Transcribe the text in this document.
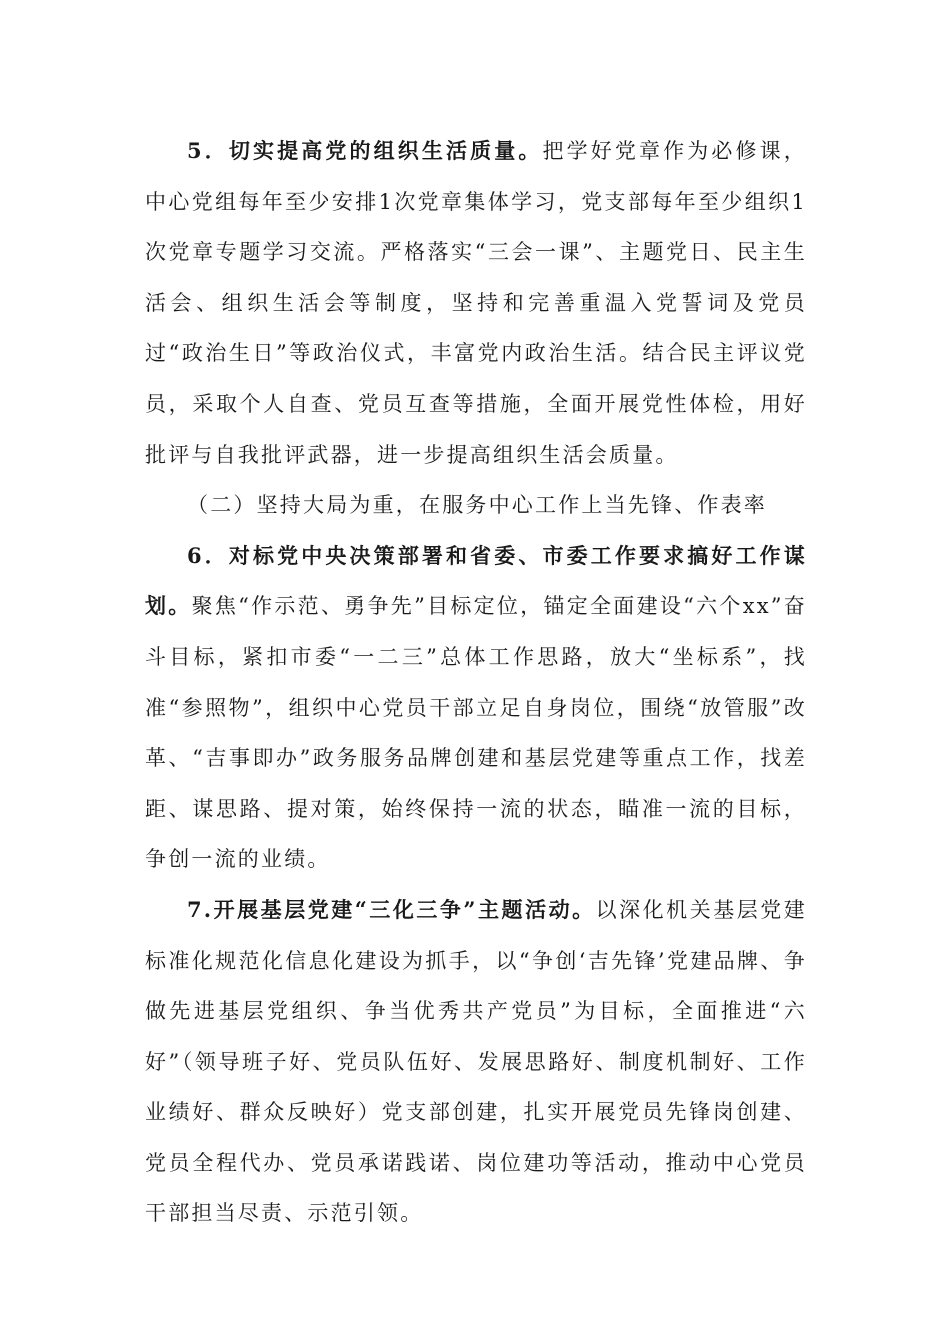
5．切实提高党的组织生活质量。把学好党章作为必修课，中心党组每年至少安排1次党章集体学习，党支部每年至少组织1次党章专题学习交流。严格落实“三会一课”、主题党日、民主生活会、组织生活会等制度，坚持和完善重温入党誓词及党员过“政治生日”等政治仪式，丰富党内政治生活。结合民主评议党员，采取个人自查、党员互查等措施，全面开展党性体检，用好批评与自我批评武器，进一步提高组织生活会质量。

（二）坚持大局为重，在服务中心工作上当先锋、作表率

6．对标党中央决策部署和省委、市委工作要求搞好工作谋划。聚焦“作示范、勇争先”目标定位，锚定全面建设“六个xx”奋斗目标，紧扣市委“一二三”总体工作思路，放大“坐标系”，找准“参照物”，组织中心党员干部立足自身岗位，围绕“放管服”改革、“吉事即办”政务服务品牌创建和基层党建等重点工作，找差距、谋思路、提对策，始终保持一流的状态，瞄准一流的目标，争创一流的业绩。

7.开展基层党建“三化三争”主题活动。以深化机关基层党建标准化规范化信息化建设为抓手，以“争创‘吉先锋’党建品牌、争做先进基层党组织、争当优秀共产党员”为目标，全面推进“六好”（领导班子好、党员队伍好、发展思路好、制度机制好、工作业绩好、群众反映好）党支部创建，扎实开展党员先锋岗创建、党员全程代办、党员承诺践诺、岗位建功等活动，推动中心党员干部担当尽责、示范引领。
